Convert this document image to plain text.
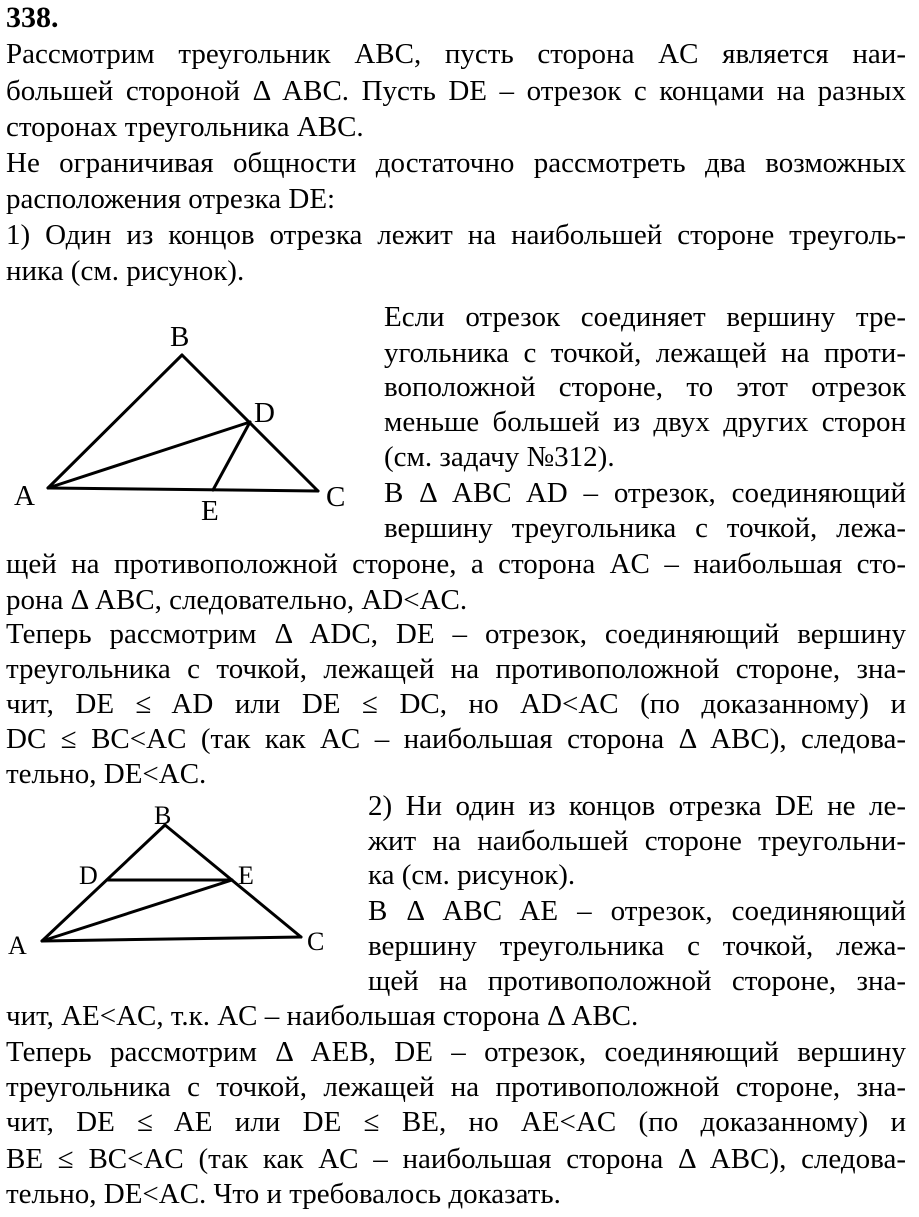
338.
Рассмотрим треугольник ABC, пусть сторона AC является наи-
большей стороной Δ ABC. Пусть DE – отрезок с концами на разных
сторонах треугольника ABC.
Не ограничивая общности достаточно рассмотреть два возможных
расположения отрезка DE:
1) Один из концов отрезка лежит на наибольшей стороне треуголь-
ника (см. рисунок).
B
D
A	C
E
Если отрезок соединяет вершину тре-
угольника с точкой, лежащей на проти-
воположной стороне, то этот отрезок
меньше большей из двух других сторон
(см. задачу №312).
В Δ ABC AD – отрезок, соединяющий
вершину треугольника с точкой, лежа-
щей на противоположной стороне, а сторона AC – наибольшая сто-
рона Δ ABC, следовательно, AD<AC.
Теперь рассмотрим Δ ADC, DE – отрезок, соединяющий вершину
треугольника с точкой, лежащей на противоположной стороне, зна-
чит, DE ≤ AD или DE ≤ DC, но AD<AC (по доказанному) и
DC ≤ BC<AC (так как AC – наибольшая сторона Δ ABC), следова-
тельно, DE<AC.
B
D	E
A	C
2) Ни один из концов отрезка DE не ле-
жит на наибольшей стороне треугольни-
ка (см. рисунок).
В Δ ABC AE – отрезок, соединяющий
вершину треугольника с точкой, лежа-
щей на противоположной стороне, зна-
чит, AE<AC, т.к. AC – наибольшая сторона Δ ABC.
Теперь рассмотрим Δ AEB, DE – отрезок, соединяющий вершину
треугольника с точкой, лежащей на противоположной стороне, зна-
чит, DE ≤ AE или DE ≤ BE, но AE<AC (по доказанному) и
BE ≤ BC<AC (так как AC – наибольшая сторона Δ ABC), следова-
тельно, DE<AC. Что и требовалось доказать.
